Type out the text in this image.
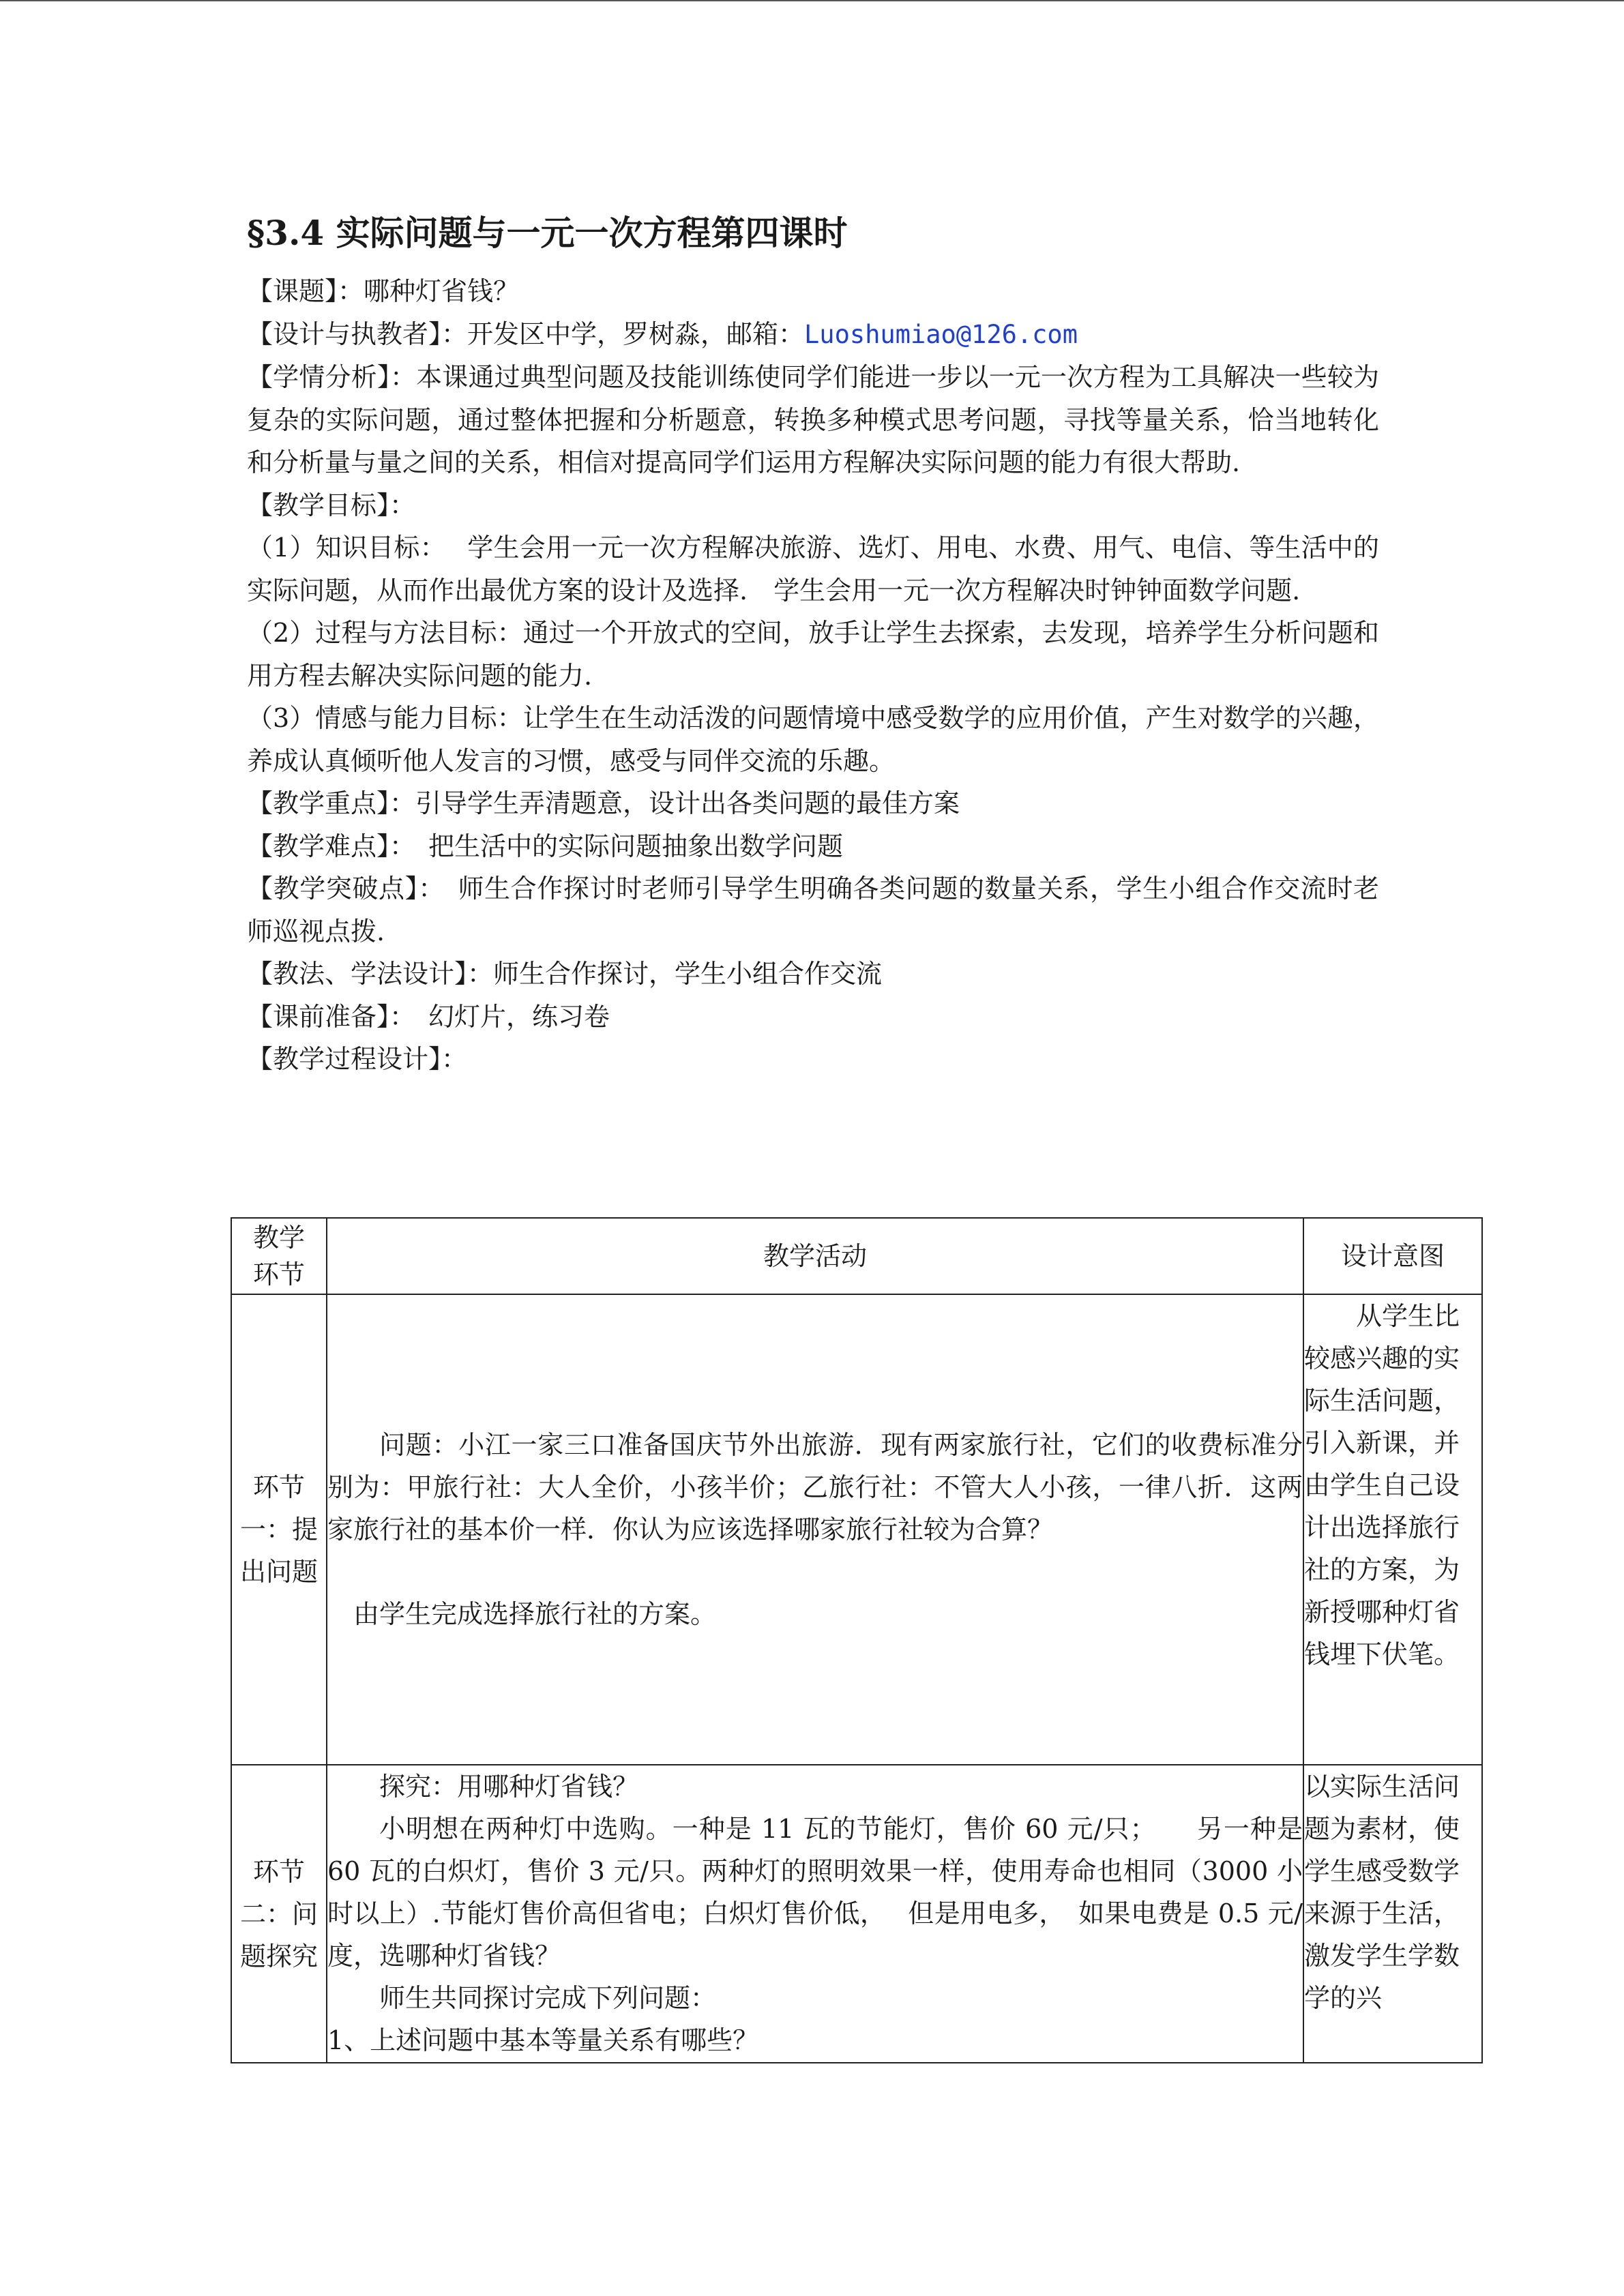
§3.4 实际问题与一元一次方程第四课时

【课题】：哪种灯省钱？

【设计与执教者】：开发区中学，罗树淼，邮箱：Luoshumiao@126.com

【学情分析】：本课通过典型问题及技能训练使同学们能进一步以一元一次方程为工具解决一些较为复杂的实际问题，通过整体把握和分析题意，转换多种模式思考问题，寻找等量关系，恰当地转化和分析量与量之间的关系，相信对提高同学们运用方程解决实际问题的能力有很大帮助.

【教学目标】：

（1）知识目标：　 学生会用一元一次方程解决旅游、选灯、用电、水费、用气、电信、等生活中的实际问题，从而作出最优方案的设计及选择.　学生会用一元一次方程解决时钟钟面数学问题.

（2）过程与方法目标：通过一个开放式的空间，放手让学生去探索，去发现，培养学生分析问题和用方程去解决实际问题的能力.

（3）情感与能力目标：让学生在生动活泼的问题情境中感受数学的应用价值，产生对数学的兴趣，养成认真倾听他人发言的习惯，感受与同伴交流的乐趣。

【教学重点】：引导学生弄清题意，设计出各类问题的最佳方案

【教学难点】：　把生活中的实际问题抽象出数学问题

【教学突破点】：　师生合作探讨时老师引导学生明确各类问题的数量关系，学生小组合作交流时老师巡视点拨.

【教法、学法设计】：师生合作探讨，学生小组合作交流

【课前准备】：　幻灯片，练习卷

【教学过程设计】：

教学环节	教学活动	设计意图
环节一：提出问题	问题：小江一家三口准备国庆节外出旅游．现有两家旅行社，它们的收费标准分别为：甲旅行社：大人全价，小孩半价；乙旅行社：不管大人小孩，一律八折．这两家旅行社的基本价一样．你认为应该选择哪家旅行社较为合算？

由学生完成选择旅行社的方案。	从学生比较感兴趣的实际生活问题，引入新课，并由学生自己设计出选择旅行社的方案，为新授哪种灯省钱埋下伏笔。

环节二：问题探究	探究：用哪种灯省钱？

小明想在两种灯中选购。一种是 11 瓦的节能灯，售价 60 元/只；　　另一种是 60 瓦的白炽灯，售价 3 元/只。两种灯的照明效果一样，使用寿命也相同（3000 小时以上）.节能灯售价高但省电；白炽灯售价低，　 但是用电多，　如果电费是 0.5 元/度，选哪种灯省钱？

师生共同探讨完成下列问题：

1、上述问题中基本等量关系有哪些？	以实际生活问题为素材，使学生感受数学来源于生活，激发学生学数学的兴
